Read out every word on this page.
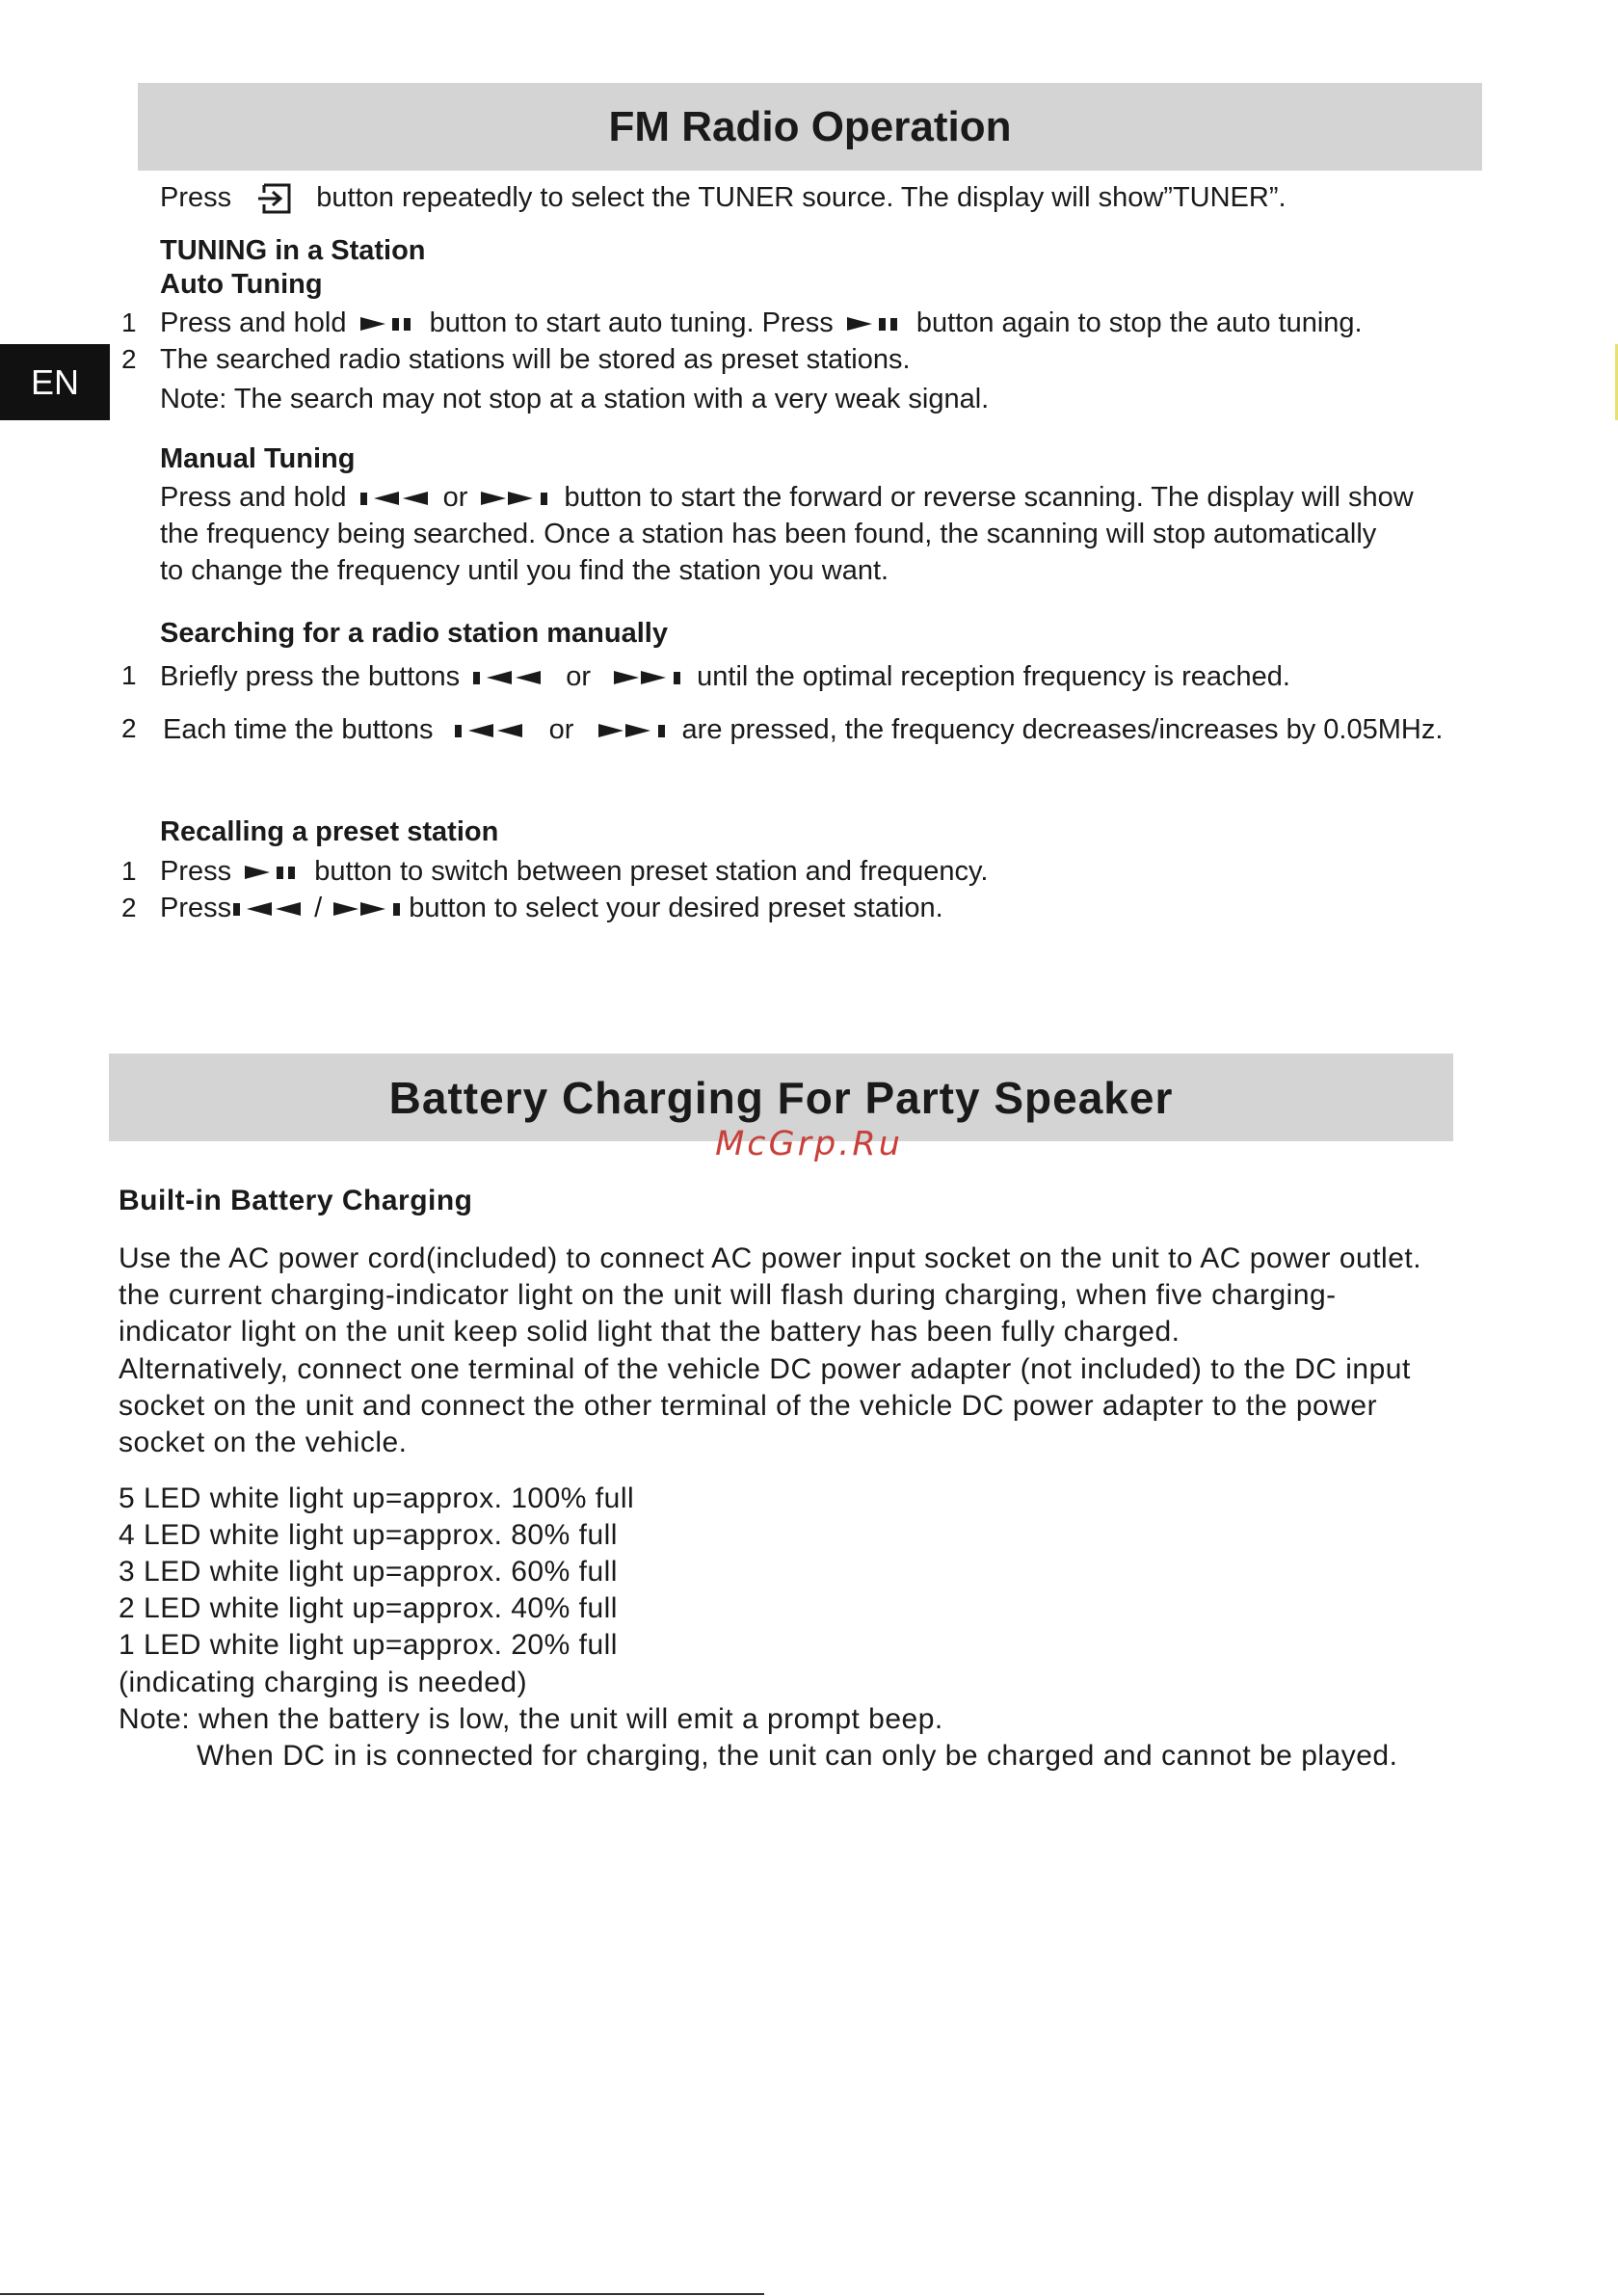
FM Radio Operation
EN
Press	button repeatedly to select the TUNER source. The display will show”TUNER”.
TUNING in a Station
Auto Tuning
1 Press and hold	button to start auto tuning. Press	button again to stop the auto tuning.
2 The searched radio stations will be stored as preset stations.
Note: The search may not stop at a station with a very weak signal.
Manual Tuning
Press and hold	or	button to start the forward or reverse scanning. The display will show
the frequency being searched. Once a station has been found, the scanning will stop automatically
to change the frequency until you find the station you want.
Searching for a radio station manually
1 Briefly press the buttons	or	until the optimal reception frequency is reached.
2 Each time the buttons	or	are pressed, the frequency decreases/increases by 0.05MHz.
Recalling a preset station
1 Press	button to switch between preset station and frequency.
2 Press	/	button to select your desired preset station.
Battery Charging For Party Speaker
McGrp.Ru
Built-in Battery Charging
Use the AC power cord(included) to connect AC power input socket on the unit to AC power outlet.
the current charging-indicator light on the unit will flash during charging, when five charging-
indicator light on the unit keep solid light that the battery has been fully charged.
Alternatively, connect one terminal of the vehicle DC power adapter (not included) to the DC input
socket on the unit and connect the other terminal of the vehicle DC power adapter to the power
socket on the vehicle.
5 LED white light up=approx. 100% full
4 LED white light up=approx. 80% full
3 LED white light up=approx. 60% full
2 LED white light up=approx. 40% full
1 LED white light up=approx. 20% full
(indicating charging is needed)
Note: when the battery is low, the unit will emit a prompt beep.
When DC in is connected for charging, the unit can only be charged and cannot be played.
